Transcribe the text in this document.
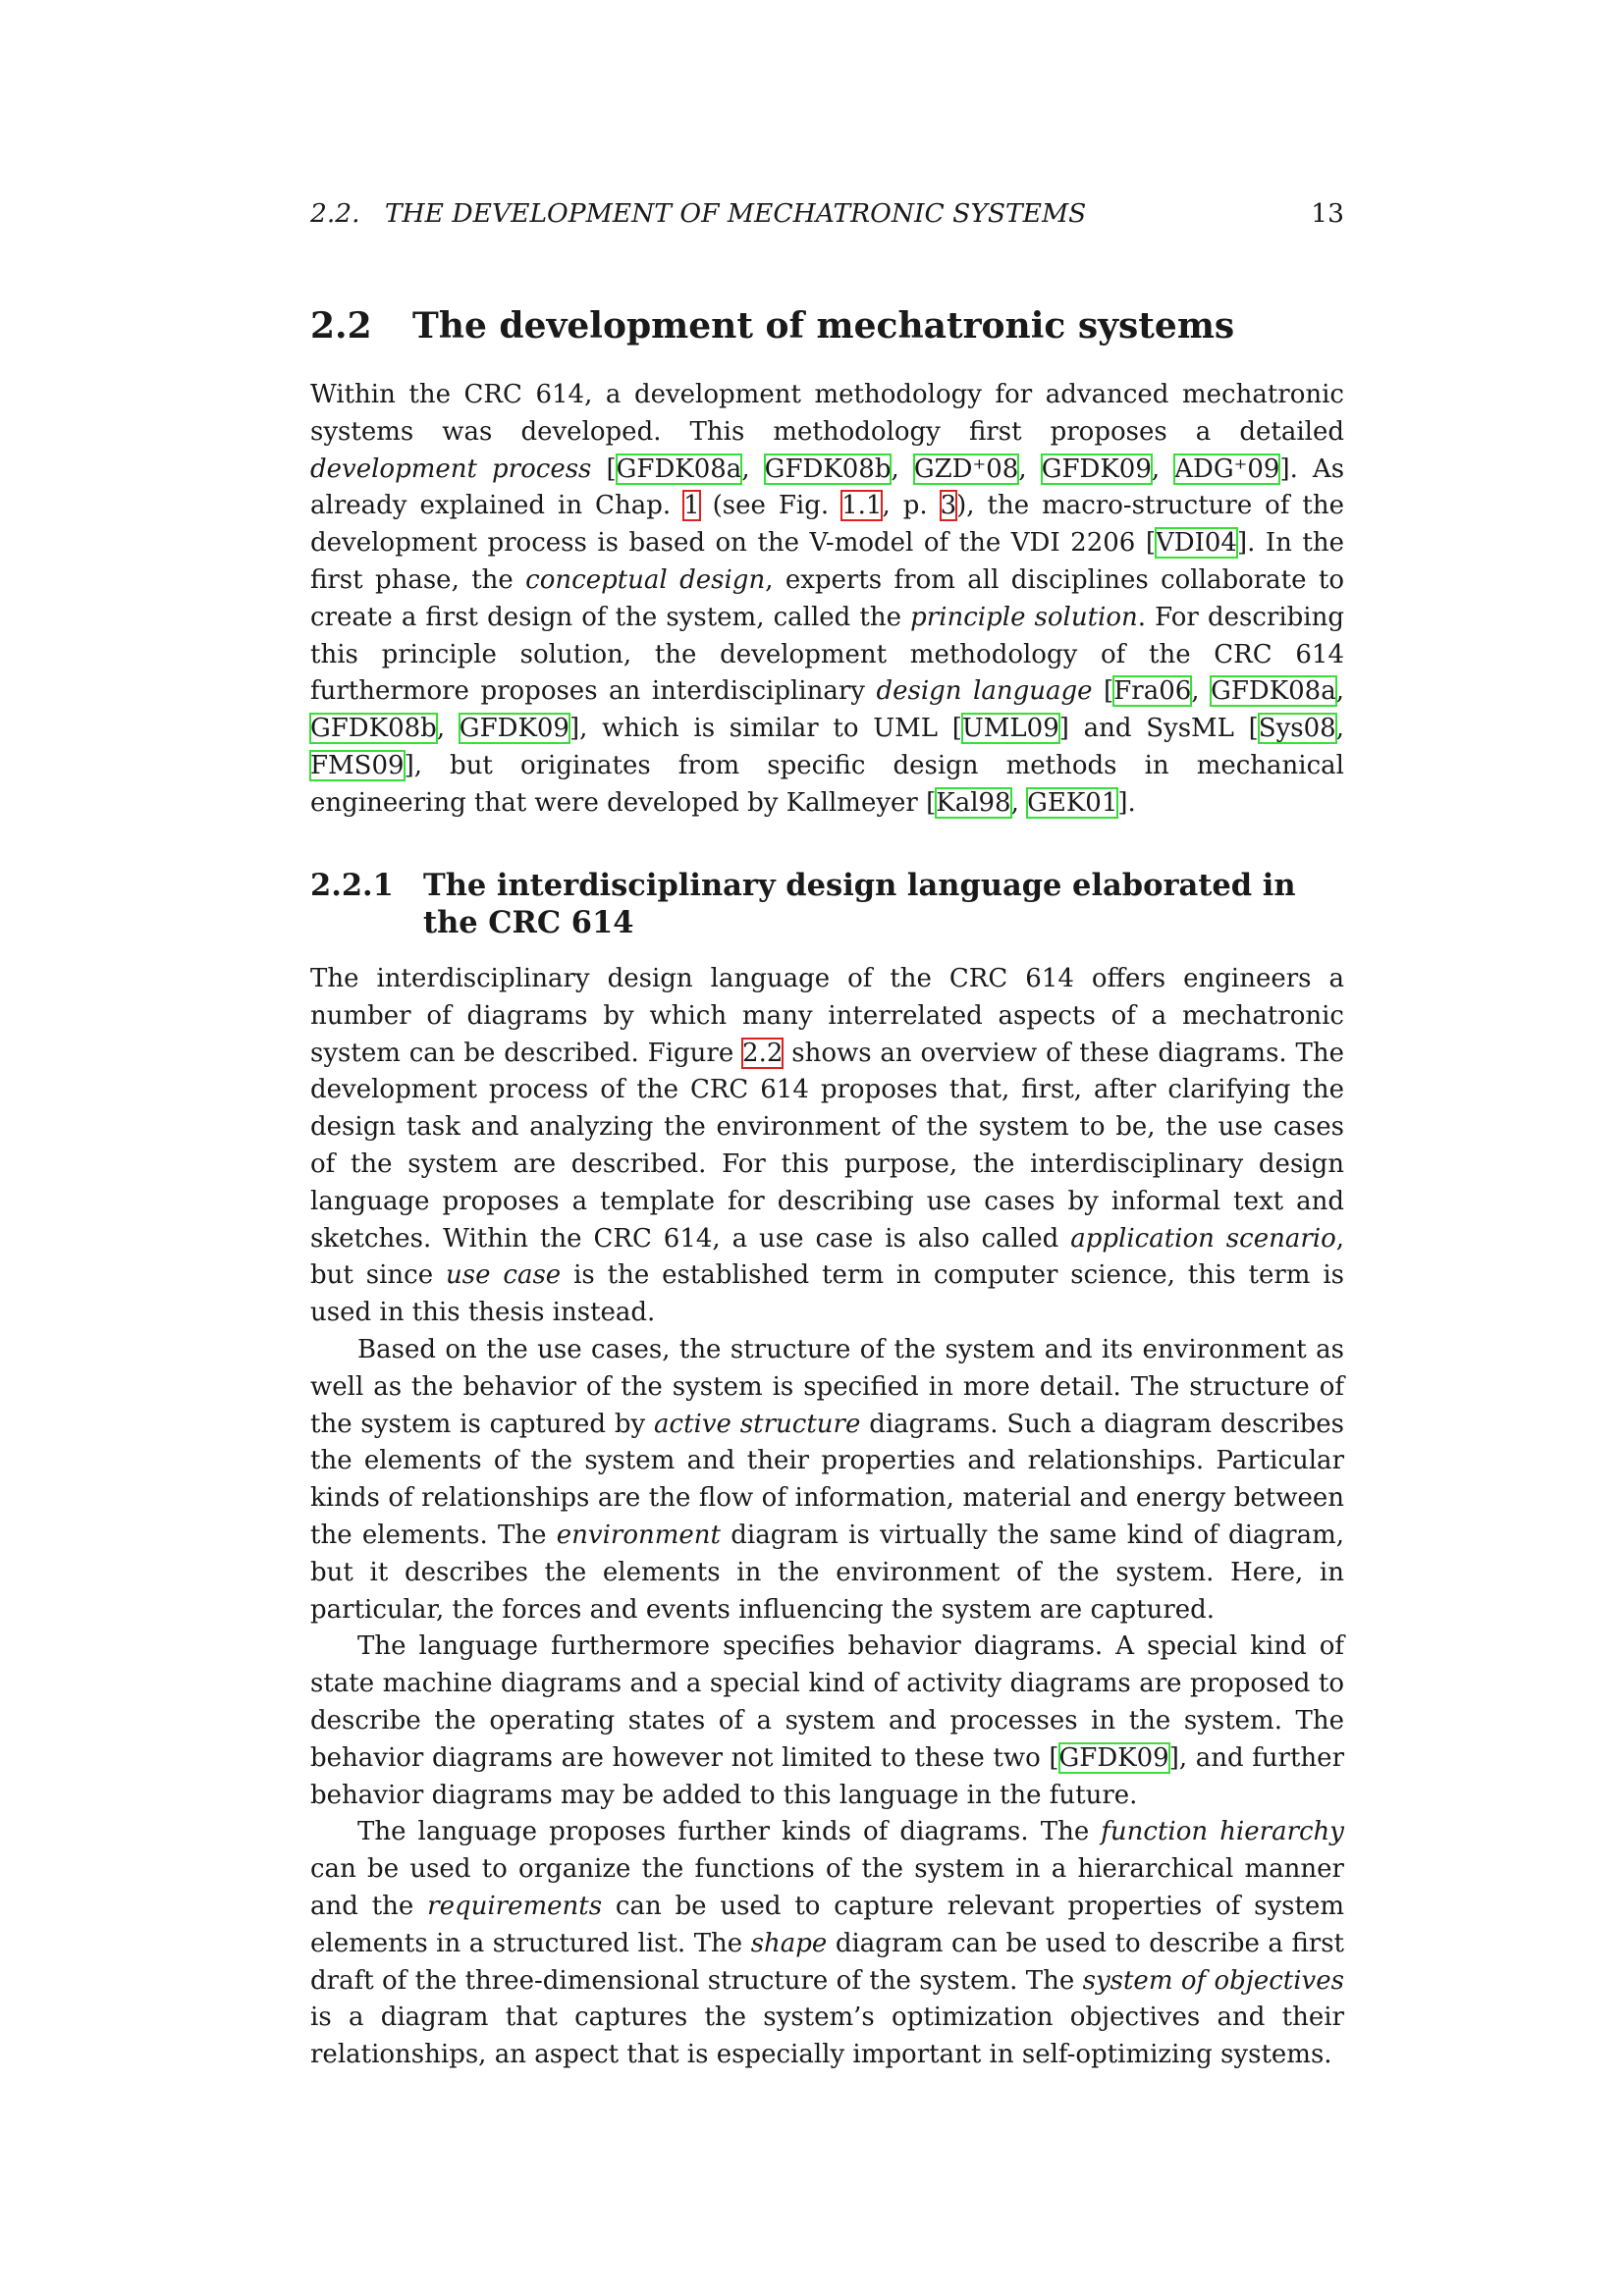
2.2.   THE DEVELOPMENT OF MECHATRONIC SYSTEMS	13
2.2 The development of mechatronic systems

Within the CRC 614, a development methodology for advanced mechatronic systems was developed. This methodology first proposes a detailed development process [GFDK08a, GFDK08b, GZD⁺08, GFDK09, ADG⁺09]. As already explained in Chap. 1 (see Fig. 1.1, p. 3), the macro-structure of the development process is based on the V-model of the VDI 2206 [VDI04]. In the first phase, the conceptual design, experts from all disciplines collaborate to create a first design of the system, called the principle solution. For describing this principle solution, the development methodology of the CRC 614 furthermore proposes an interdisciplinary design language [Fra06, GFDK08a, GFDK08b, GFDK09], which is similar to UML [UML09] and SysML [Sys08, FMS09], but originates from specific design methods in mechanical engineering that were developed by Kallmeyer [Kal98, GEK01].

2.2.1 The interdisciplinary design language elaborated in the CRC 614

The interdisciplinary design language of the CRC 614 offers engineers a number of diagrams by which many interrelated aspects of a mechatronic system can be described. Figure 2.2 shows an overview of these diagrams. The development process of the CRC 614 proposes that, first, after clarifying the design task and analyzing the environment of the system to be, the use cases of the system are described. For this purpose, the interdisciplinary design language proposes a template for describing use cases by informal text and sketches. Within the CRC 614, a use case is also called application scenario, but since use case is the established term in computer science, this term is used in this thesis instead.

Based on the use cases, the structure of the system and its environment as well as the behavior of the system is specified in more detail. The structure of the system is captured by active structure diagrams. Such a diagram describes the elements of the system and their properties and relationships. Particular kinds of relationships are the flow of information, material and energy between the elements. The environment diagram is virtually the same kind of diagram, but it describes the elements in the environment of the system. Here, in particular, the forces and events influencing the system are captured.

The language furthermore specifies behavior diagrams. A special kind of state machine diagrams and a special kind of activity diagrams are proposed to describe the operating states of a system and processes in the system. The behavior diagrams are however not limited to these two [GFDK09], and further behavior diagrams may be added to this language in the future.

The language proposes further kinds of diagrams. The function hierarchy can be used to organize the functions of the system in a hierarchical manner and the requirements can be used to capture relevant properties of system elements in a structured list. The shape diagram can be used to describe a first draft of the three-dimensional structure of the system. The system of objectives is a diagram that captures the system’s optimization objectives and their relationships, an aspect that is especially important in self-optimizing systems.
